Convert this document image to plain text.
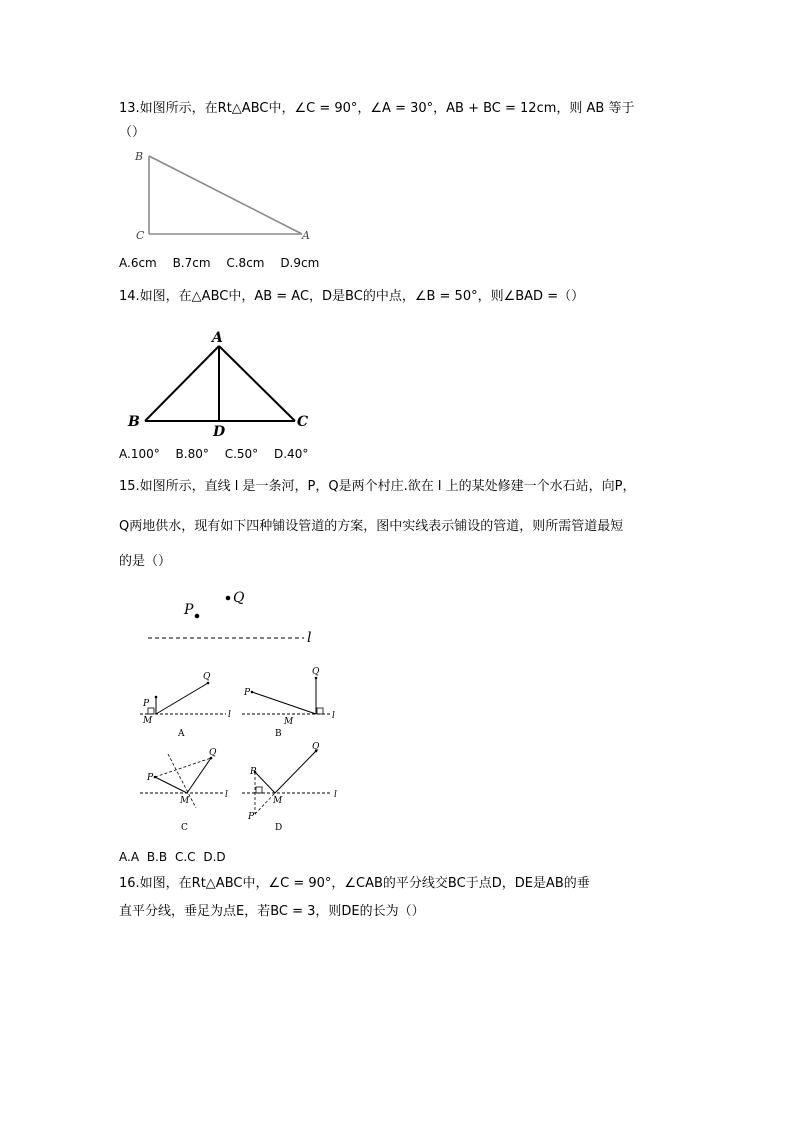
13.如图所示，在Rt△ABC中，∠C = 90°，∠A = 30°，AB + BC = 12cm，则 AB 等于
（）
B
C	A
A.6cm B.7cm C.8cm D.9cm
14.如图，在△ABC中，AB = AC，D是BC的中点，∠B = 50°，则∠BAD =（）
A
B	C
D
A.100° B.80° C.50° D.40°
15.如图所示，直线 l 是一条河，P，Q是两个村庄.欲在 l 上的某处修建一个水石站，向P，
Q两地供水，现有如下四种铺设管道的方案，图中实线表示铺设的管道，则所需管道最短
的是（）
P
Q
l
P
Q
M
l
A
P
Q
M
l
B
P
Q
M
l
C
P
Q
M
l
P'
D
A.A B.B C.C D.D
16.如图，在Rt△ABC中，∠C = 90°，∠CAB的平分线交BC于点D，DE是AB的垂
直平分线，垂足为点E，若BC = 3，则DE的长为（）
